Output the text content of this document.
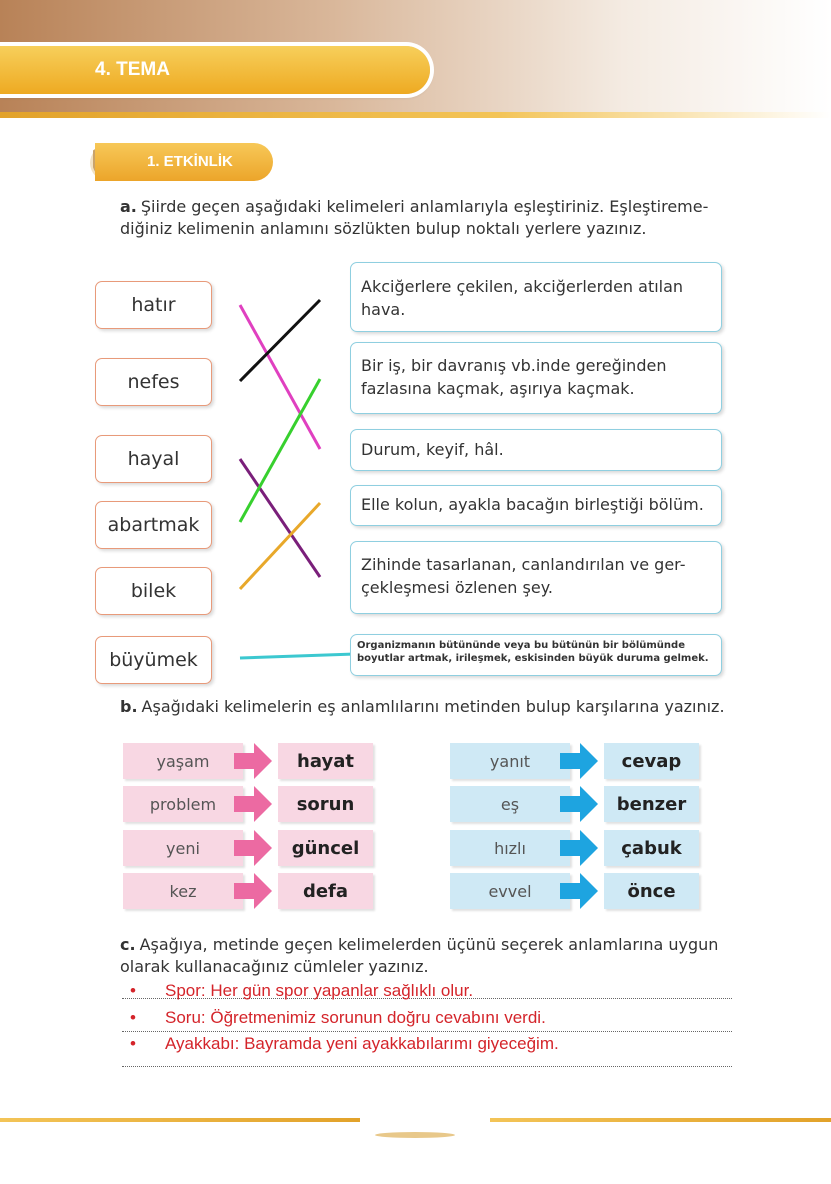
4. TEMA
1. ETKİNLİK
a. Şiirde geçen aşağıdaki kelimeleri anlamlarıyla eşleştiriniz. Eşleştireme-diğiniz kelimenin anlamını sözlükten bulup noktalı yerlere yazınız.
hatır
nefes
hayal
abartmak
bilek
büyümek
Akciğerlere çekilen, akciğerlerden atılan hava.
Bir iş, bir davranış vb.inde gereğinden fazlasına kaçmak, aşırıya kaçmak.
Durum, keyif, hâl.
Elle kolun, ayakla bacağın birleştiği bölüm.
Zihinde tasarlanan, canlandırılan ve ger-çekleşmesi özlenen şey.
Organizmanın bütününde veya bu bütünün bir bölümünde boyutlar artmak, irileşmek, eskisinden büyük duruma gelmek.
b. Aşağıdaki kelimelerin eş anlamlılarını metinden bulup karşılarına yazınız.
yaşam
problem
yeni
kez
hayat
sorun
güncel
defa
yanıt
eş
hızlı
evvel
cevap
benzer
çabuk
önce
c. Aşağıya, metinde geçen kelimelerden üçünü seçerek anlamlarına uygun olarak kullanacağınız cümleler yazınız.
• Spor: Her gün spor yapanlar sağlıklı olur.
• Soru: Öğretmenimiz sorunun doğru cevabını verdi.
• Ayakkabı: Bayramda yeni ayakkabılarımı giyeceğim.
